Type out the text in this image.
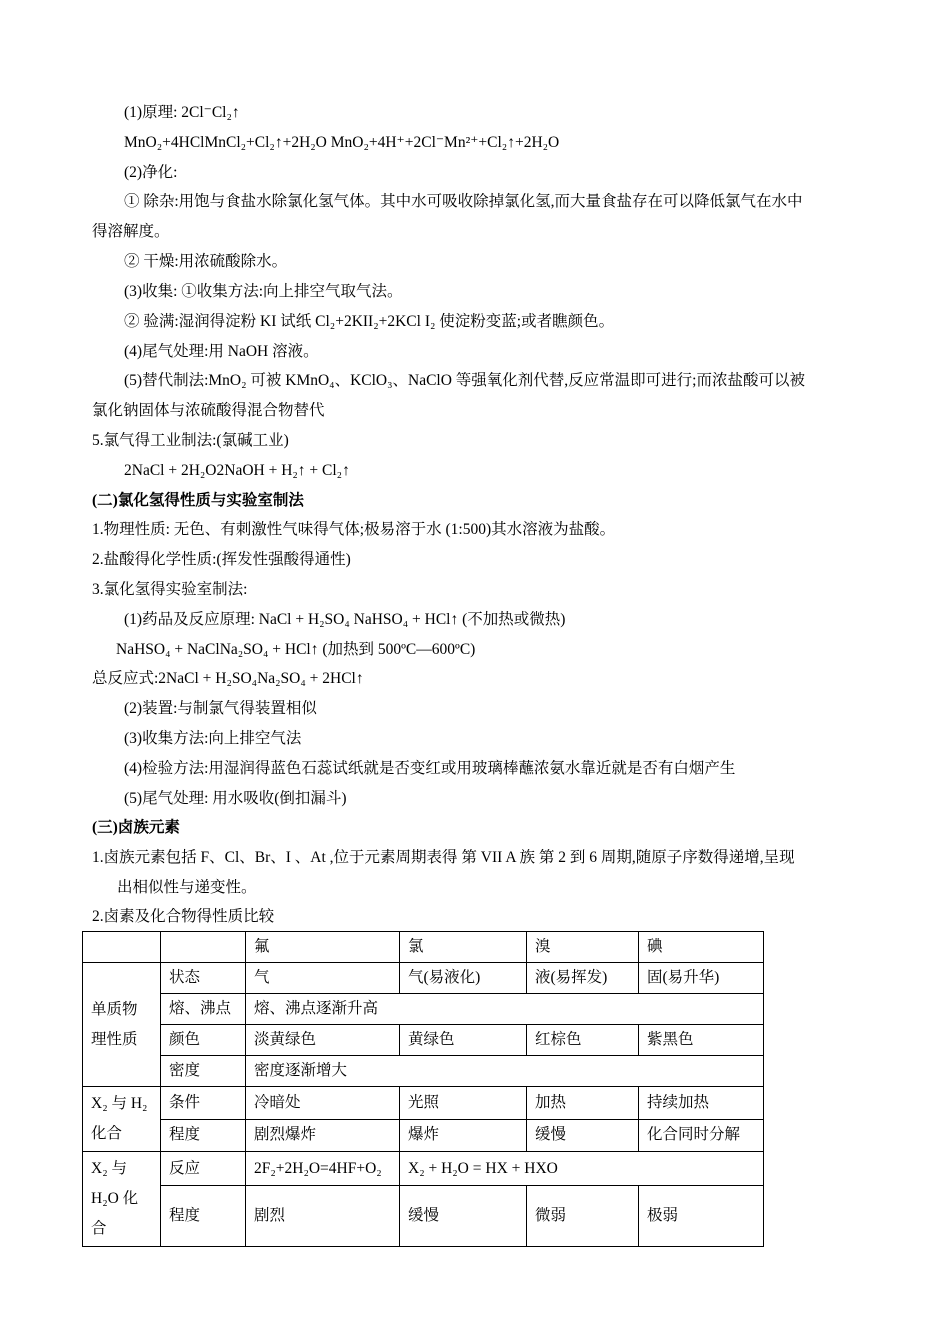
(1)原理: 2Cl⁻Cl₂↑
MnO₂+4HClMnCl₂+Cl₂↑+2H₂O MnO₂+4H⁺+2Cl⁻Mn²⁺+Cl₂↑+2H₂O
(2)净化:
① 除杂:用饱与食盐水除氯化氢气体。其中水可吸收除掉氯化氢,而大量食盐存在可以降低氯气在水中
得溶解度。
② 干燥:用浓硫酸除水。
(3)收集: ①收集方法:向上排空气取气法。
② 验满:湿润得淀粉 KI 试纸 Cl₂+2KII₂+2KCl I₂ 使淀粉变蓝;或者瞧颜色。
(4)尾气处理:用 NaOH 溶液。
(5)替代制法:MnO₂ 可被 KMnO₄、KClO₃、NaClO 等强氧化剂代替,反应常温即可进行;而浓盐酸可以被
氯化钠固体与浓硫酸得混合物替代
5.氯气得工业制法:(氯碱工业)
2NaCl + 2H₂O2NaOH + H₂↑ + Cl₂↑
(二)氯化氢得性质与实验室制法
1.物理性质: 无色、有刺激性气味得气体;极易溶于水 (1:500)其水溶液为盐酸。
2.盐酸得化学性质:(挥发性强酸得通性)
3.氯化氢得实验室制法:
(1)药品及反应原理: NaCl + H₂SO₄ NaHSO₄ + HCl↑ (不加热或微热)
NaHSO₄ + NaClNa₂SO₄ + HCl↑ (加热到 500ºC—600ºC)
总反应式:2NaCl + H₂SO₄Na₂SO₄ + 2HCl↑
(2)装置:与制氯气得装置相似
(3)收集方法:向上排空气法
(4)检验方法:用湿润得蓝色石蕊试纸就是否变红或用玻璃棒蘸浓氨水靠近就是否有白烟产生
(5)尾气处理: 用水吸收(倒扣漏斗)
(三)卤族元素
1.卤族元素包括 F、Cl、Br、I 、At ,位于元素周期表得 第 VII A 族 第 2 到 6 周期,随原子序数得递增,呈现
出相似性与递变性。
2.卤素及化合物得性质比较
		氟	氯	溴	碘
单质物理性质	状态	气	气(易液化)	液(易挥发)	固(易升华)
	熔、沸点	熔、沸点逐渐升高			
	颜色	淡黄绿色	黄绿色	红棕色	紫黑色
	密度	密度逐渐增大			
X₂ 与 H₂ 化合	条件	冷暗处	光照	加热	持续加热
	程度	剧烈爆炸	爆炸	缓慢	化合同时分解
X₂ 与 H₂O 化合	反应	2F₂+2H₂O=4HF+O₂	X₂ + H₂O = HX + HXO		
	程度	剧烈	缓慢	微弱	极弱
